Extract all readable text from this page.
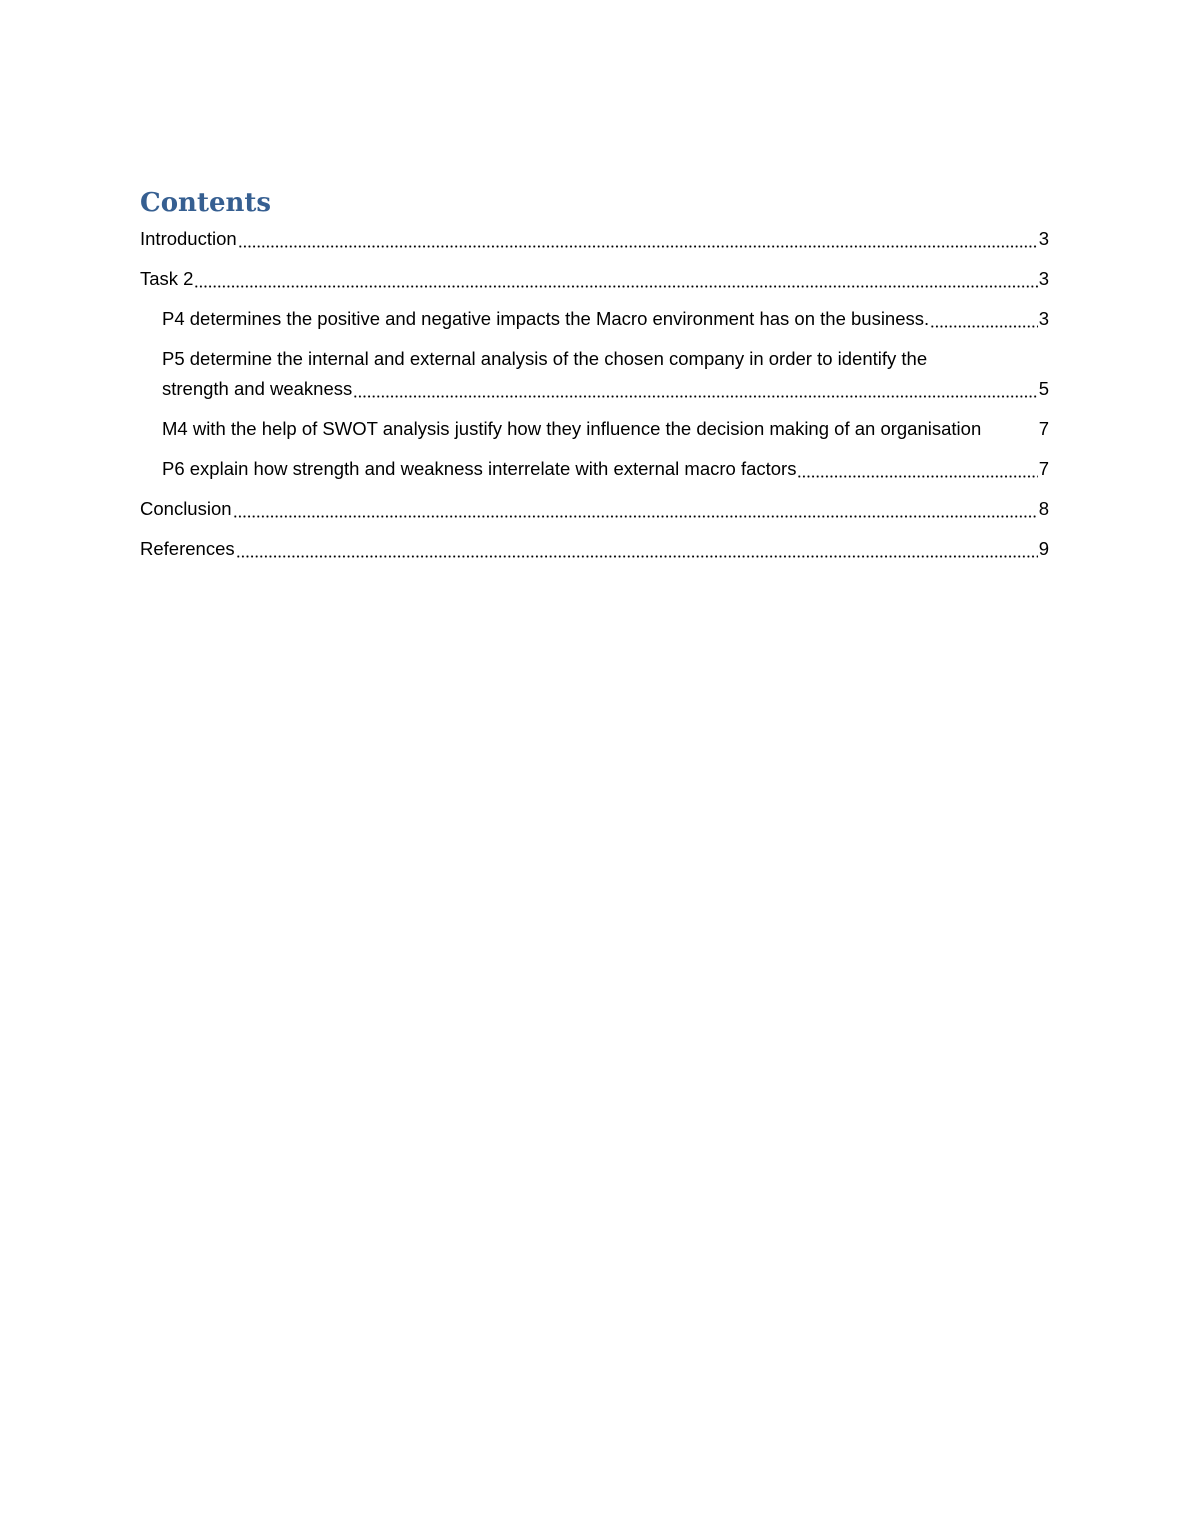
Contents
Introduction	3
Task 2	3
P4 determines the positive and negative impacts the Macro environment has on the business.	3
P5 determine the internal and external analysis of the chosen company in order to identify the
strength and weakness	5
M4 with the help of SWOT analysis justify how they influence the decision making of an organisation	7
P6 explain how strength and weakness interrelate with external macro factors	7
Conclusion	8
References	9
